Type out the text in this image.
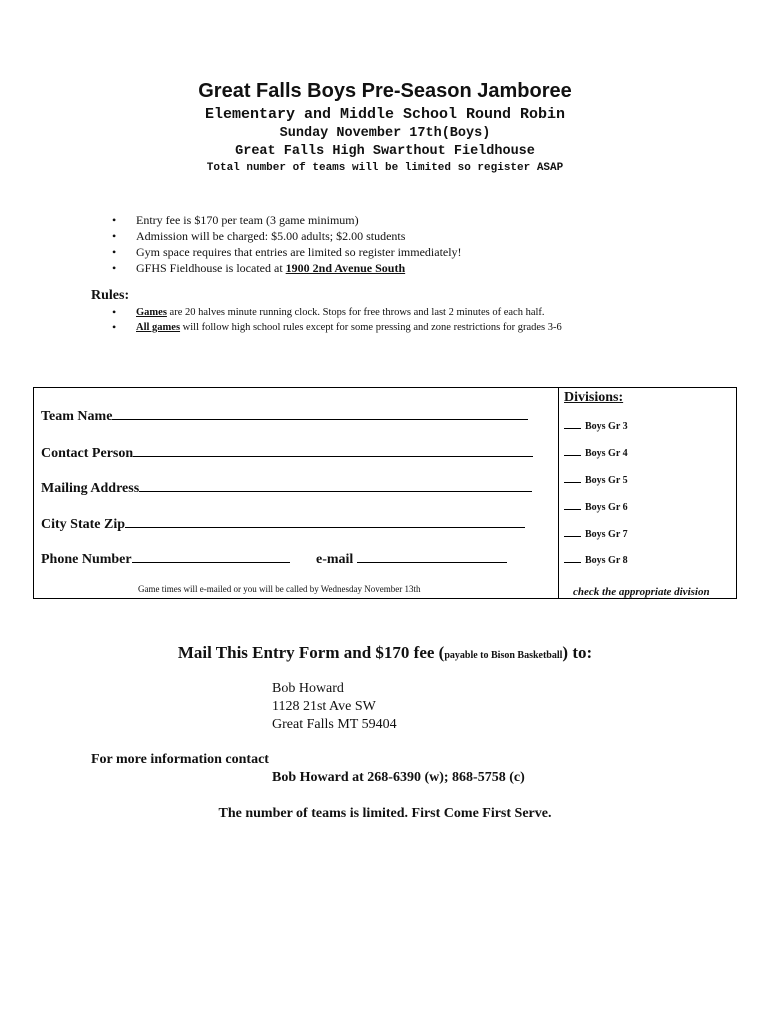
Great Falls Boys Pre-Season Jamboree
Elementary and Middle School Round Robin
Sunday November 17th(Boys)
Great Falls High Swarthout Fieldhouse
Total number of teams will be limited so register ASAP
• Entry fee is $170 per team (3 game minimum)
• Admission will be charged: $5.00 adults; $2.00 students
• Gym space requires that entries are limited so register immediately!
• GFHS Fieldhouse is located at 1900 2nd Avenue South
Rules:
• Games are 20 halves minute running clock. Stops for free throws and last 2 minutes of each half.
• All games will follow high school rules except for some pressing and zone restrictions for grades 3-6
Team Name
Contact Person
Mailing Address
City State Zip
Phone Number	e-mail
Game times will e-mailed or you will be called by Wednesday November 13th
Divisions:
Boys Gr 3
Boys Gr 4
Boys Gr 5
Boys Gr 6
Boys Gr 7
Boys Gr 8
check the appropriate division
Mail This Entry Form and $170 fee (payable to Bison Basketball) to:
Bob Howard
1128 21st Ave SW
Great Falls MT 59404
For more information contact
Bob Howard at 268-6390 (w); 868-5758 (c)
The number of teams is limited. First Come First Serve.
